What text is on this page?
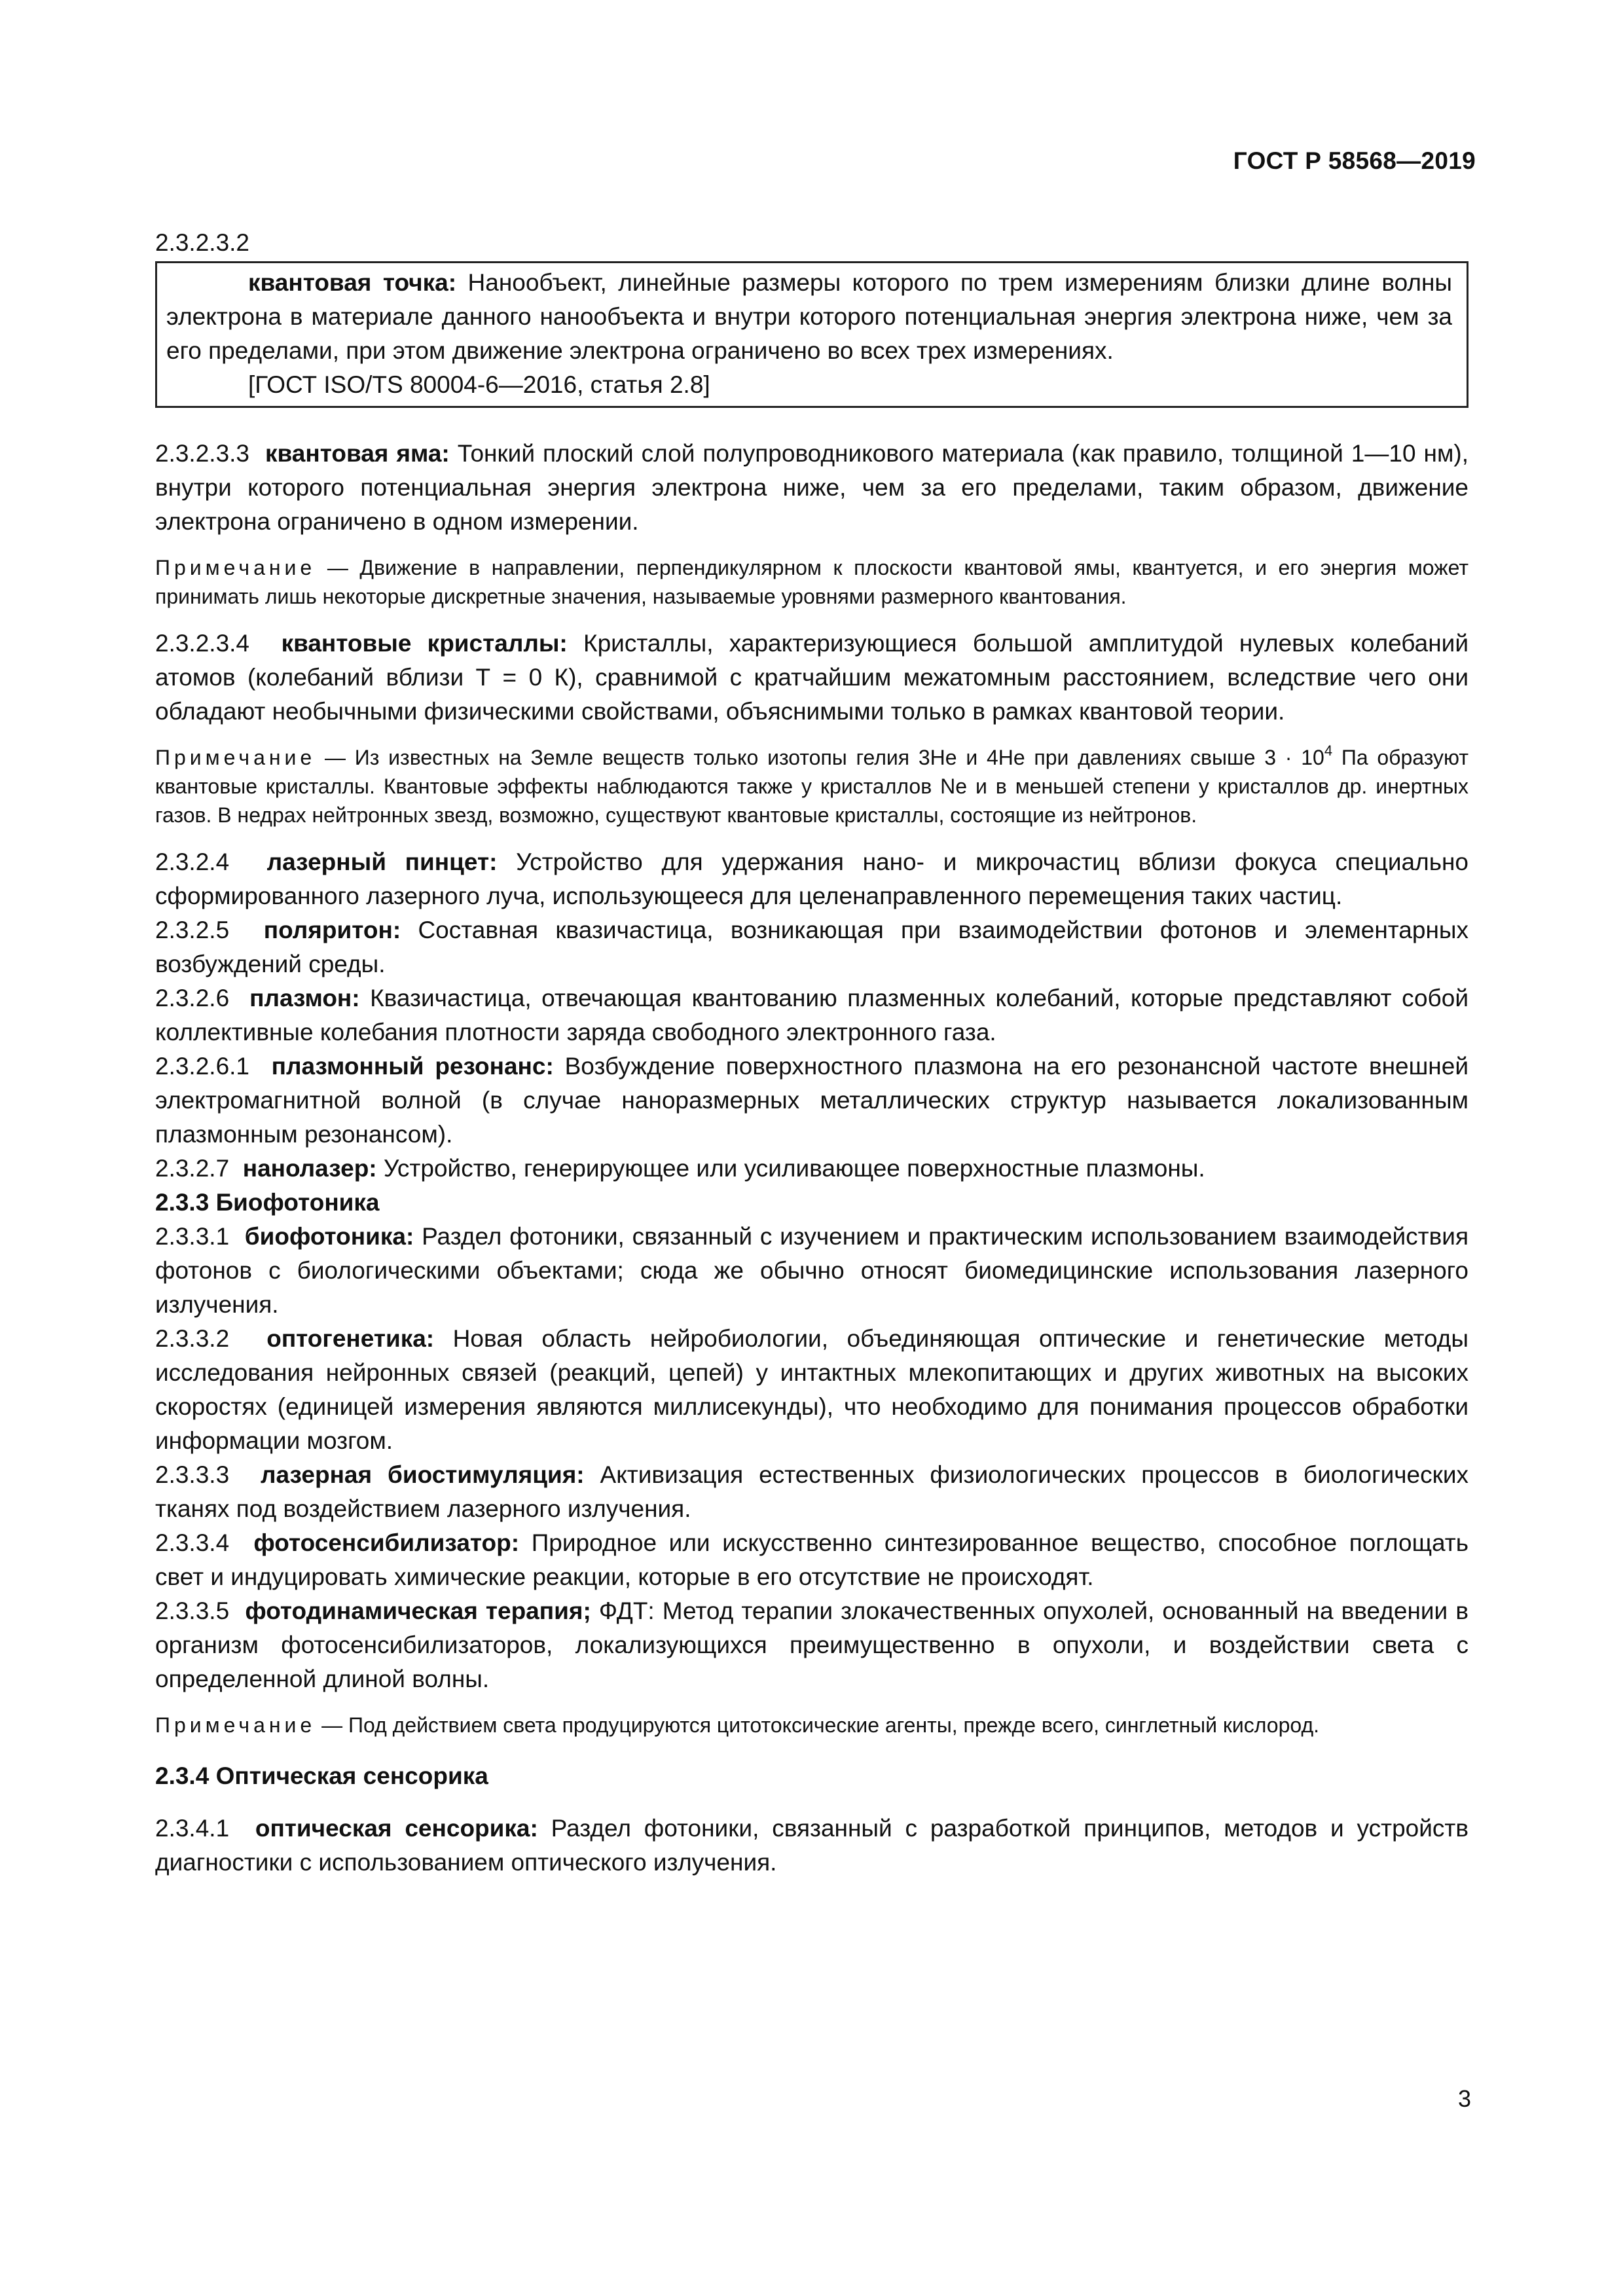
ГОСТ Р 58568—2019

2.3.2.3.2

квантовая точка: Нанообъект, линейные размеры которого по трем измерениям близки длине волны электрона в материале данного нанообъекта и внутри которого потенциальная энергия электрона ниже, чем за его пределами, при этом движение электрона ограничено во всех трех измерениях.

[ГОСТ ISO/TS 80004-6—2016, статья 2.8]

2.3.2.3.3 квантовая яма: Тонкий плоский слой полупроводникового материала (как правило, толщиной 1—10 нм), внутри которого потенциальная энергия электрона ниже, чем за его пределами, таким образом, движение электрона ограничено в одном измерении.

Примечание — Движение в направлении, перпендикулярном к плоскости квантовой ямы, квантуется, и его энергия может принимать лишь некоторые дискретные значения, называемые уровнями размерного квантования.

2.3.2.3.4 квантовые кристаллы: Кристаллы, характеризующиеся большой амплитудой нулевых колебаний атомов (колебаний вблизи Т = 0 К), сравнимой с кратчайшим межатомным расстоянием, вследствие чего они обладают необычными физическими свойствами, объяснимыми только в рамках квантовой теории.

Примечание — Из известных на Земле веществ только изотопы гелия 3Не и 4Не при давлениях свыше $3 \cdot 10^4$ Па образуют квантовые кристаллы. Квантовые эффекты наблюдаются также у кристаллов Ne и в меньшей степени у кристаллов др. инертных газов. В недрах нейтронных звезд, возможно, существуют квантовые кристаллы, состоящие из нейтронов.

2.3.2.4 лазерный пинцет: Устройство для удержания нано- и микрочастиц вблизи фокуса специально сформированного лазерного луча, использующееся для целенаправленного перемещения таких частиц.

2.3.2.5 поляритон: Составная квазичастица, возникающая при взаимодействии фотонов и элементарных возбуждений среды.

2.3.2.6 плазмон: Квазичастица, отвечающая квантованию плазменных колебаний, которые представляют собой коллективные колебания плотности заряда свободного электронного газа.

2.3.2.6.1 плазмонный резонанс: Возбуждение поверхностного плазмона на его резонансной частоте внешней электромагнитной волной (в случае наноразмерных металлических структур называется локализованным плазмонным резонансом).

2.3.2.7 нанолазер: Устройство, генерирующее или усиливающее поверхностные плазмоны.

2.3.3 Биофотоника

2.3.3.1 биофотоника: Раздел фотоники, связанный с изучением и практическим использованием взаимодействия фотонов с биологическими объектами; сюда же обычно относят биомедицинские использования лазерного излучения.

2.3.3.2 оптогенетика: Новая область нейробиологии, объединяющая оптические и генетические методы исследования нейронных связей (реакций, цепей) у интактных млекопитающих и других животных на высоких скоростях (единицей измерения являются миллисекунды), что необходимо для понимания процессов обработки информации мозгом.

2.3.3.3 лазерная биостимуляция: Активизация естественных физиологических процессов в биологических тканях под воздействием лазерного излучения.

2.3.3.4 фотосенсибилизатор: Природное или искусственно синтезированное вещество, способное поглощать свет и индуцировать химические реакции, которые в его отсутствие не происходят.

2.3.3.5 фотодинамическая терапия; ФДТ: Метод терапии злокачественных опухолей, основанный на введении в организм фотосенсибилизаторов, локализующихся преимущественно в опухоли, и воздействии света с определенной длиной волны.

Примечание — Под действием света продуцируются цитотоксические агенты, прежде всего, синглетный кислород.

2.3.4 Оптическая сенсорика

2.3.4.1 оптическая сенсорика: Раздел фотоники, связанный с разработкой принципов, методов и устройств диагностики с использованием оптического излучения.

3
